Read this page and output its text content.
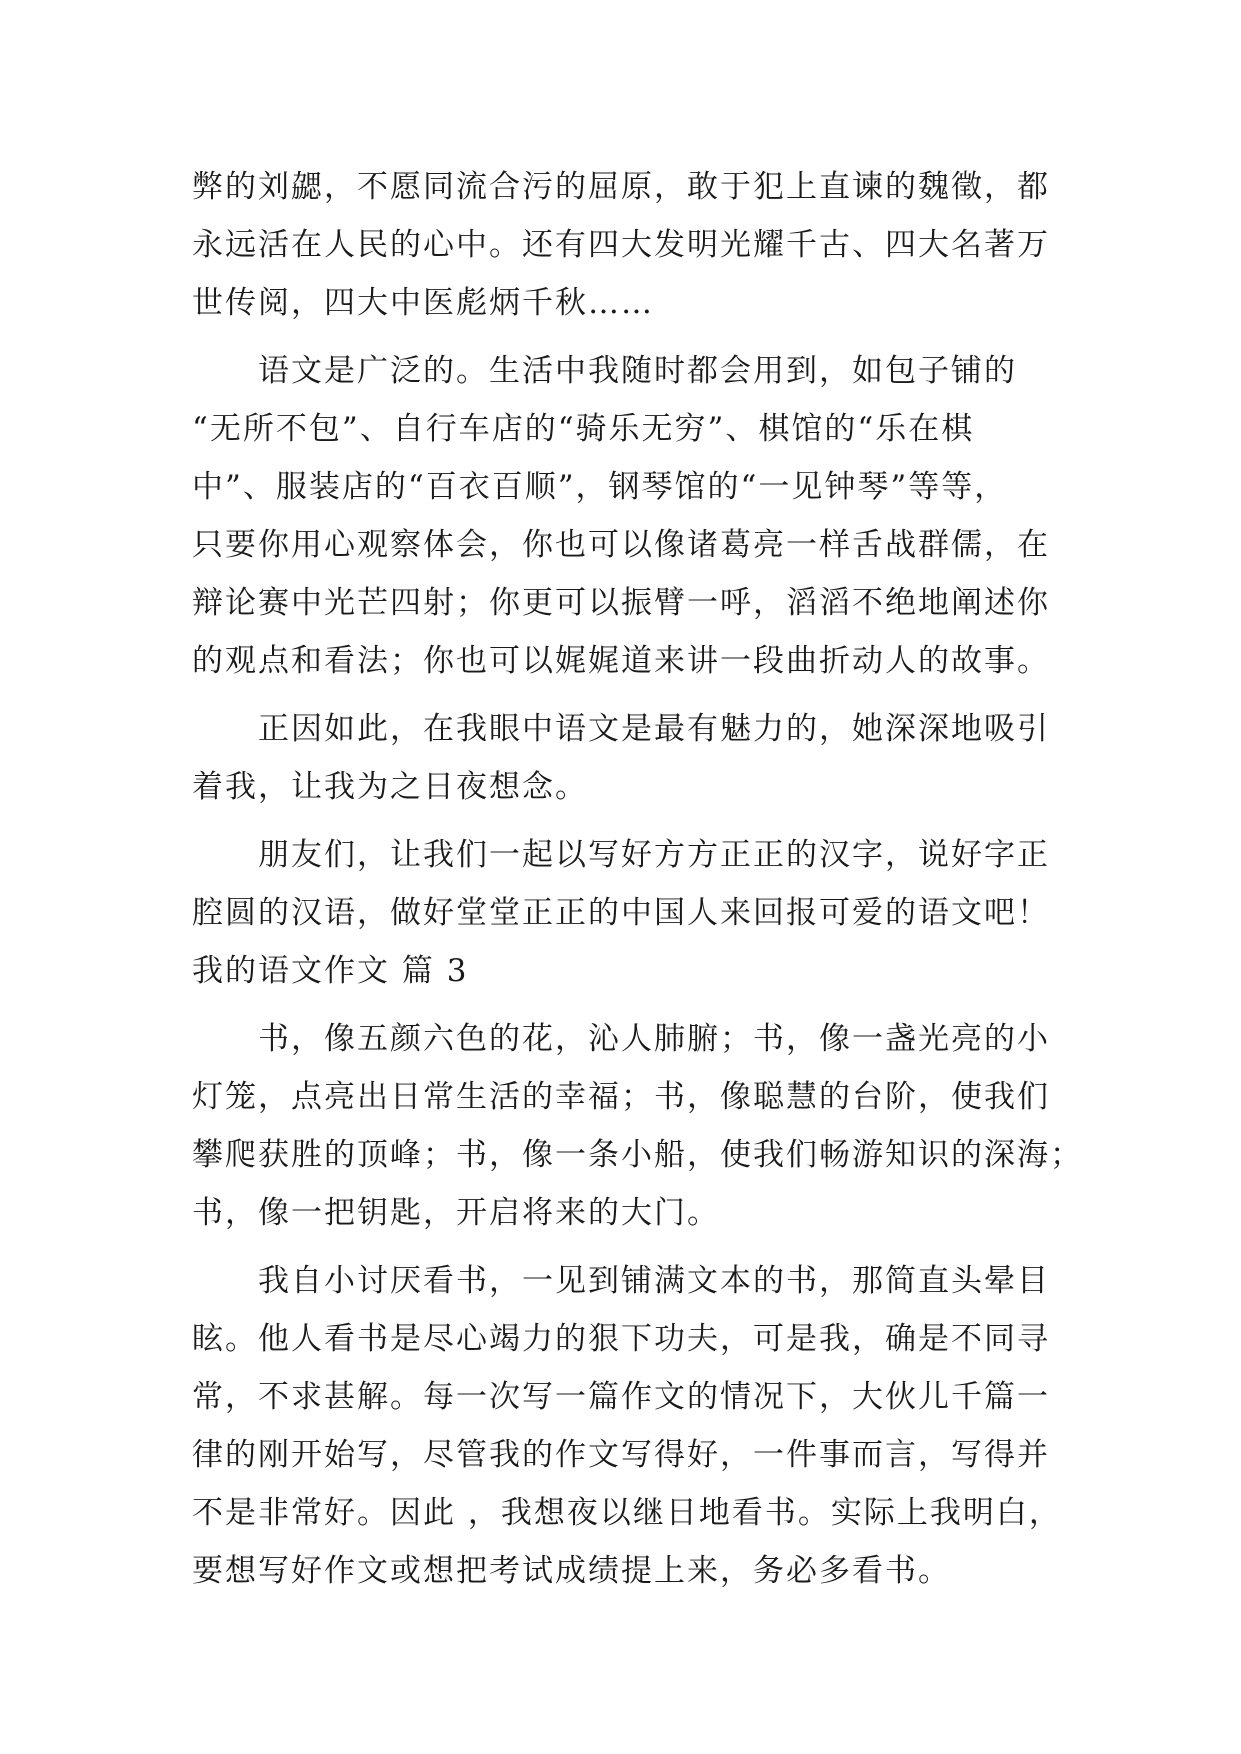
弊的刘勰，不愿同流合污的屈原，敢于犯上直谏的魏徵，都
永远活在人民的心中。还有四大发明光耀千古、四大名著万
世传阅，四大中医彪炳千秋……
　　语文是广泛的。生活中我随时都会用到，如包子铺的
“无所不包”、自行车店的“骑乐无穷”、棋馆的“乐在棋
中”、服装店的“百衣百顺”，钢琴馆的“一见钟琴”等等，
只要你用心观察体会，你也可以像诸葛亮一样舌战群儒，在
辩论赛中光芒四射；你更可以振臂一呼，滔滔不绝地阐述你
的观点和看法；你也可以娓娓道来讲一段曲折动人的故事。
　　正因如此，在我眼中语文是最有魅力的，她深深地吸引
着我，让我为之日夜想念。
　　朋友们，让我们一起以写好方方正正的汉字，说好字正
腔圆的汉语，做好堂堂正正的中国人来回报可爱的语文吧！
我的语文作文 篇 3
　　书，像五颜六色的花，沁人肺腑；书，像一盏光亮的小
灯笼，点亮出日常生活的幸福；书，像聪慧的台阶，使我们
攀爬获胜的顶峰；书，像一条小船，使我们畅游知识的深海；
书，像一把钥匙，开启将来的大门。
　　我自小讨厌看书，一见到铺满文本的书，那简直头晕目
眩。他人看书是尽心竭力的狠下功夫，可是我，确是不同寻
常，不求甚解。每一次写一篇作文的情况下，大伙儿千篇一
律的刚开始写，尽管我的作文写得好，一件事而言，写得并
不是非常好。因此 ，我想夜以继日地看书。实际上我明白，
要想写好作文或想把考试成绩提上来，务必多看书。
